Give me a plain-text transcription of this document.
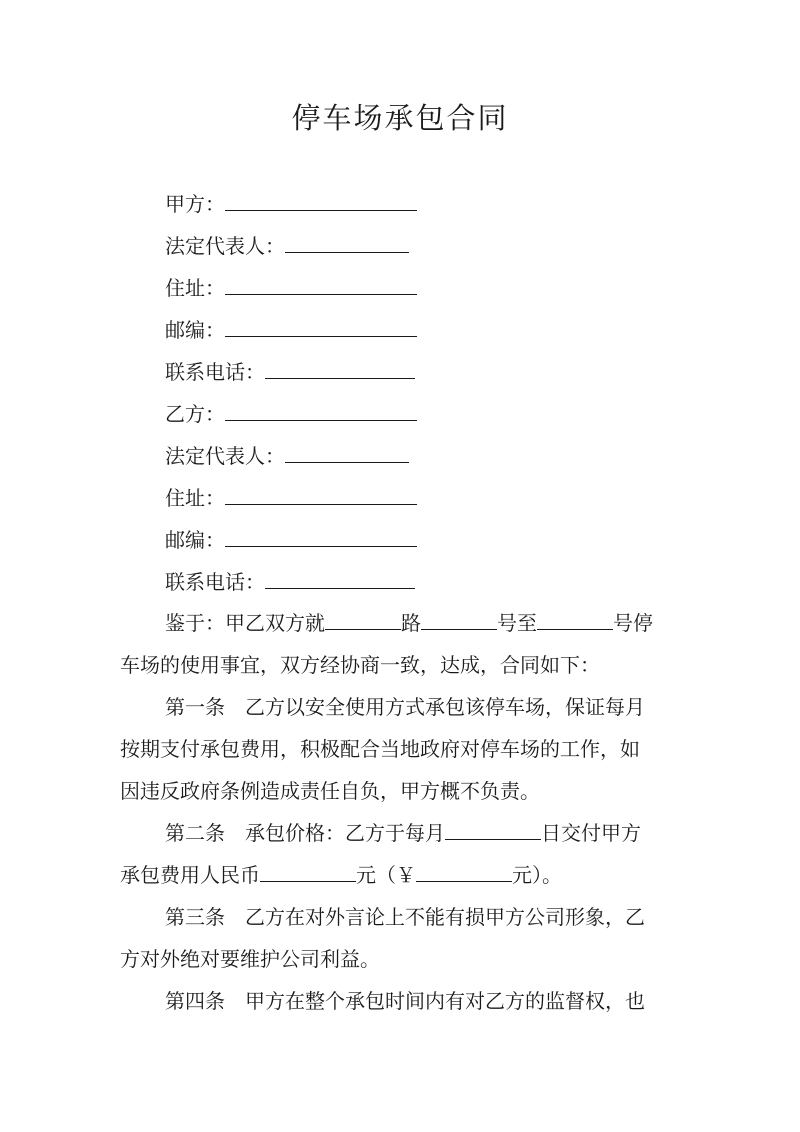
停车场承包合同
甲方：
法定代表人：
住址：
邮编：
联系电话：
乙方：
法定代表人：
住址：
邮编：
联系电话：
鉴于：甲乙双方就	路	号至	号停
车场的使用事宜，双方经协商一致，达成，合同如下：
第一条　乙方以安全使用方式承包该停车场，保证每月
按期支付承包费用，积极配合当地政府对停车场的工作，如
因违反政府条例造成责任自负，甲方概不负责。
第二条　承包价格：乙方于每月	日交付甲方
承包费用人民币	元（￥	元）。
第三条　乙方在对外言论上不能有损甲方公司形象，乙
方对外绝对要维护公司利益。
第四条　甲方在整个承包时间内有对乙方的监督权，也
